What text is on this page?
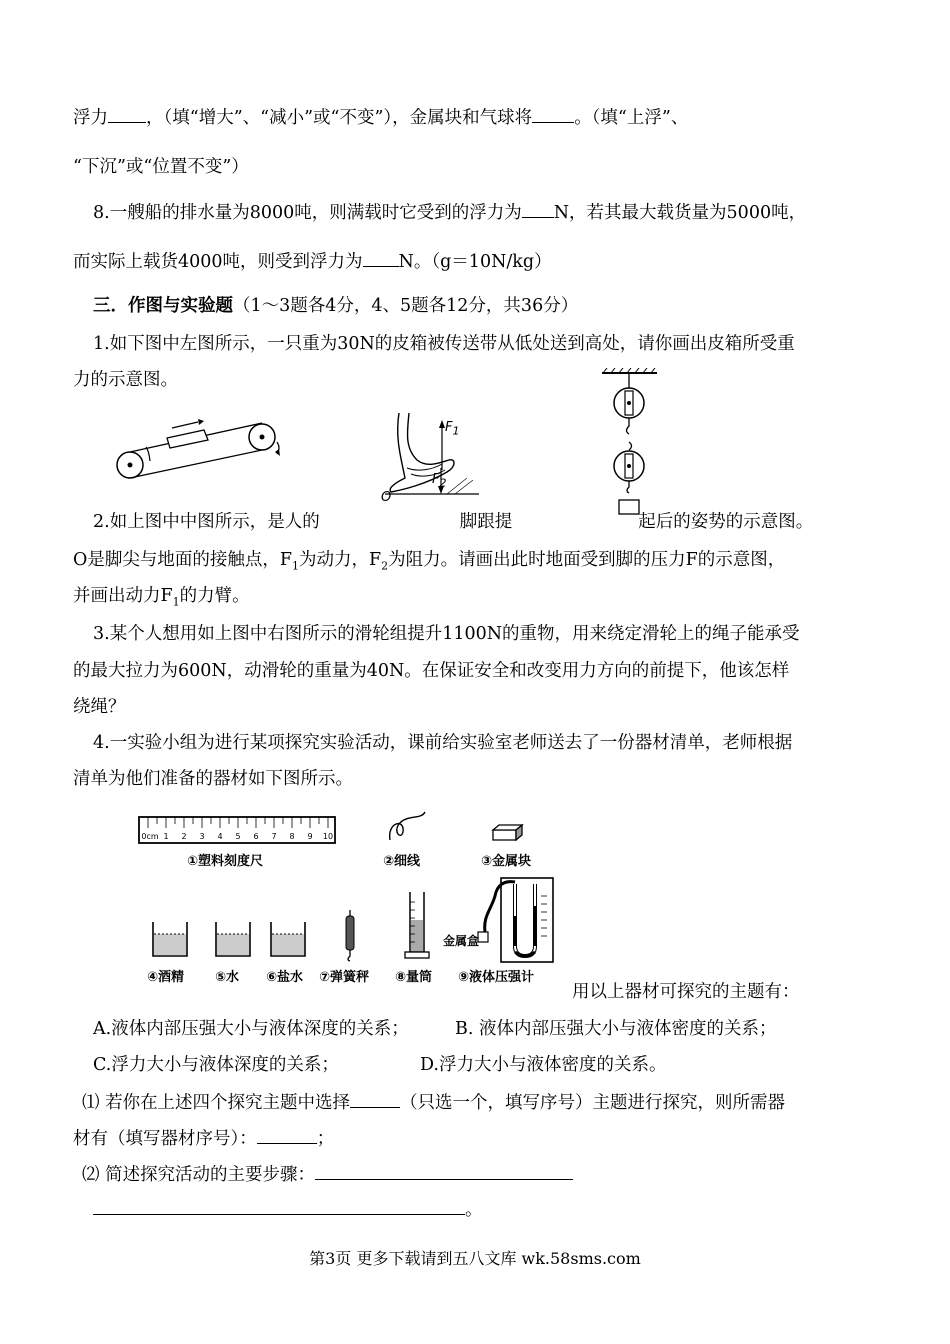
浮力 ，（填“增大”、“减小”或“不变”），金属块和气球将 。（填“上浮”、
“下沉”或“位置不变”）
8.一艘船的排水量为8000吨，则满载时它受到的浮力为 N，若其最大载货量为5000吨，
而实际上载货4000吨，则受到浮力为 N。（g＝10N/kg）
三．作图与实验题（1～3题各4分，4、5题各12分，共36分）
1.如下图中左图所示，一只重为30N的皮箱被传送带从低处送到高处，请你画出皮箱所受重
力的示意图。
$F_1$
$F_2$
O
2.如上图中中图所示，是人的	脚跟提	起后的姿势的示意图。
O是脚尖与地面的接触点，$F_1$为动力，$F_2$为阻力。请画出此时地面受到脚的压力F的示意图，
并画出动力$F_1$的力臂。
3.某个人想用如上图中右图所示的滑轮组提升1100N的重物，用来绕定滑轮上的绳子能承受
的最大拉力为600N，动滑轮的重量为40N。在保证安全和改变用力方向的前提下，他该怎样
绕绳？
4.一实验小组为进行某项探究实验活动，课前给实验室老师送去了一份器材清单，老师根据
清单为他们准备的器材如下图所示。
0cm 1 2 3 4 5 6 7 8 9 10
①塑料刻度尺	②细线	③金属块
④酒精 ⑤水 ⑥盐水 ⑦弹簧秤 ⑧量筒
金属盒
⑨液体压强计
用以上器材可探究的主题有：
A.液体内部压强大小与液体深度的关系；	B. 液体内部压强大小与液体密度的关系；
C.浮力大小与液体深度的关系；	D.浮力大小与液体密度的关系。
⑴ 若你在上述四个探究主题中选择	（只选一个，填写序号）主题进行探究，则所需器
材有（填写器材序号）：	；
⑵ 简述探究活动的主要步骤：
。
第3页 更多下载请到五八文库 wk.58sms.com
